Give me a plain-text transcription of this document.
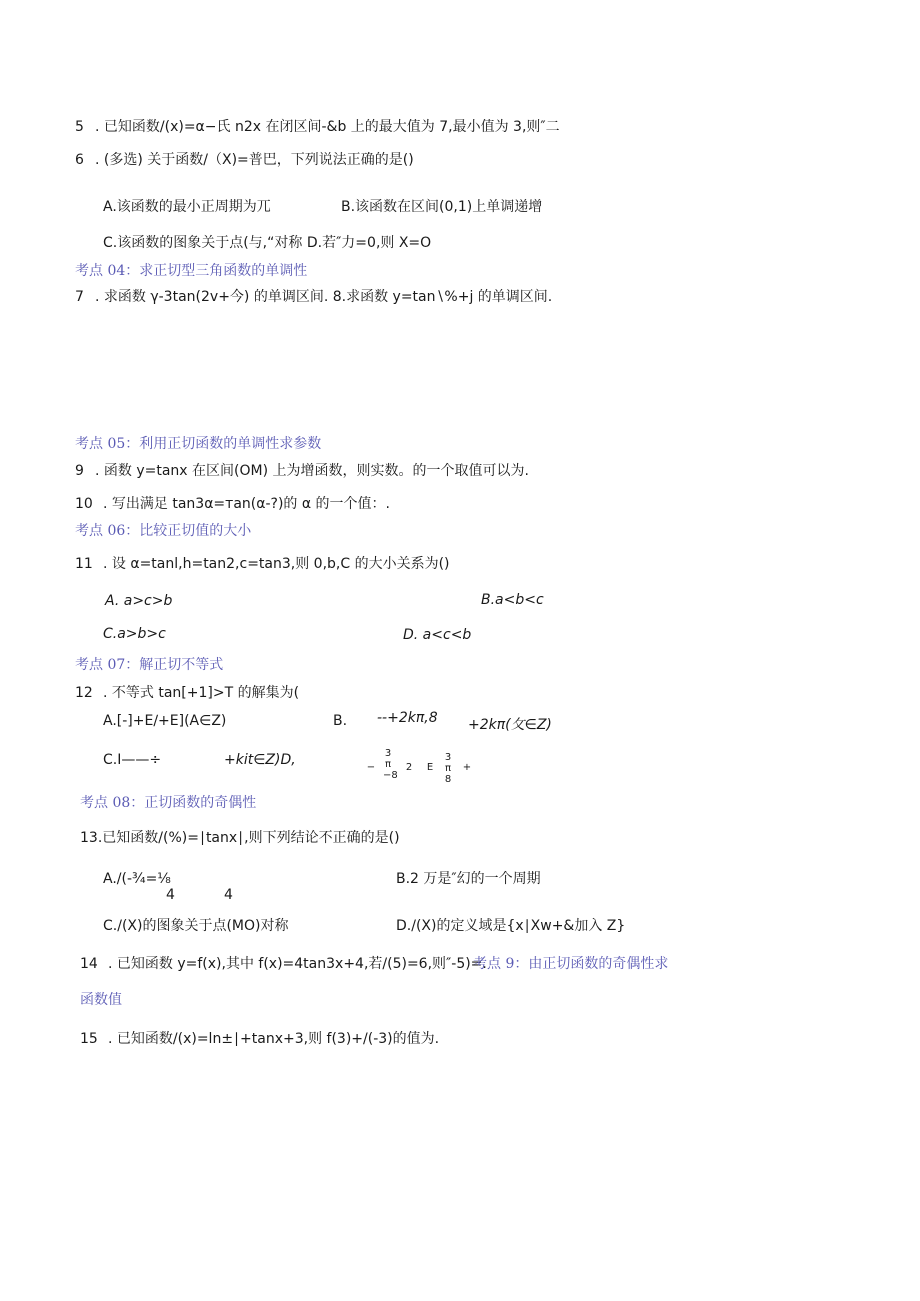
5 . 已知函数/(x)=α−氏 n2x 在闭区间-&b 上的最大值为 7,最小值为 3,则″二
6 . (多选) 关于函数/（X)=普巴，下列说法正确的是()
A.该函数的最小正周期为兀	B.该函数在区间(0,1)上单调递增
C.该函数的图象关于点(与,“对称 D.若″力=0,则 X=O
考点 04：求正切型三角函数的单调性
7 . 求函数 γ-3tan(2v+今) 的单调区间. 8.求函数 y=tan∖%+j 的单调区间.
考点 05：利用正切函数的单调性求参数
9 . 函数 y=tanx 在区间(OM) 上为增函数，则实数。的一个取值可以为.
10 . 写出满足 tan3α=тan(α-?)的 α 的一个值：.
考点 06：比较正切值的大小
11 . 设 α=tanl,h=tan2,c=tan3,则 0,b,C 的大小关系为()
A. a>c>b	B.a<b<c
C.a>b>c	D. a<c<b
考点 07：解正切不等式
12 . 不等式 tan[+1]>T 的解集为(
A.[-]+E∕+E](A∈Z)	B. --+2kπ,8 +2kπ(攵∈Z)
C.I——÷	+kit∈Z)D,	−
3π−8
2 E
3π8
+
考点 08：正切函数的奇偶性
13.已知函数/(%)=∣tanx∣,则下列结论不正确的是()
A./(-¾=⅛
4	4
B.2 万是″幻的一个周期
C./(X)的图象关于点(MO)对称	D./(X)的定义域是{x∣Xw+&加入 Z}
14 . 已知函数 y=f(x),其中 f(x)=4tan3x+4,若/(5)=6,则″-5)=.
考点 9：由正切函数的奇偶性求
函数值
15 . 已知函数/(x)=ln±∣+tanx+3,则 f(3)+/(-3)的值为.
